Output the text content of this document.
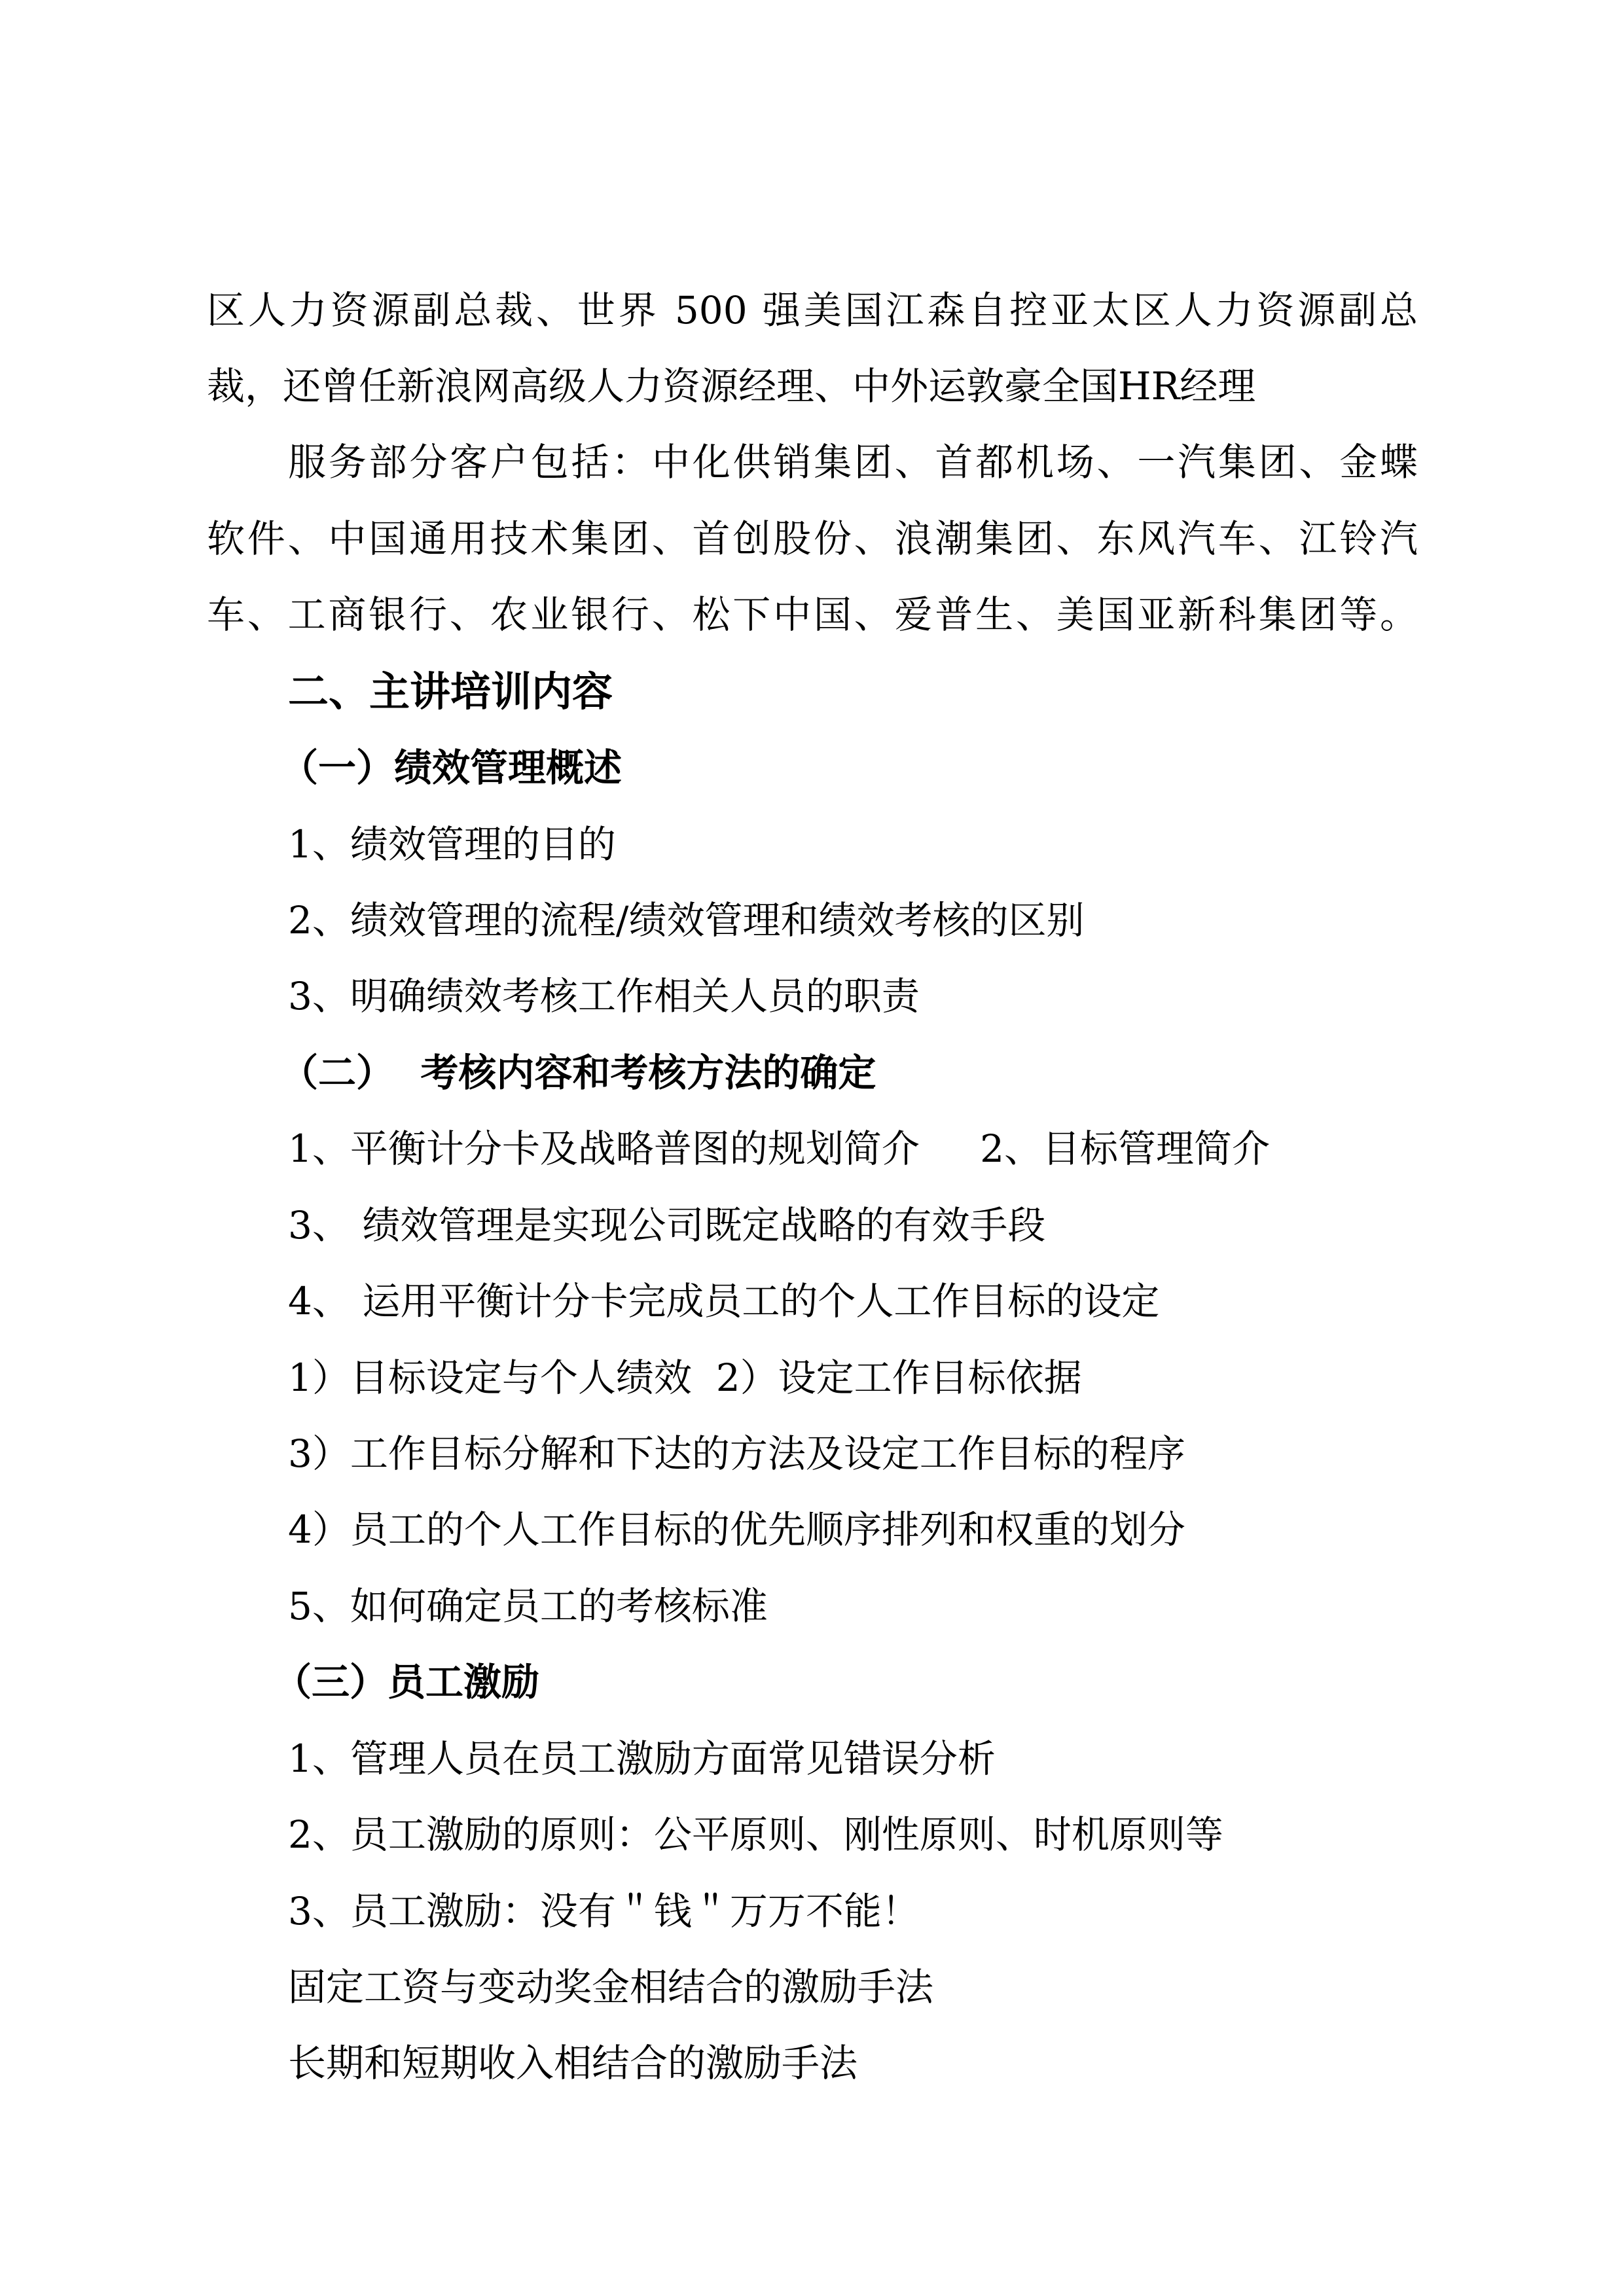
区人力资源副总裁、世界 500 强美国江森自控亚太区人力资源副总

裁，还曾任新浪网高级人力资源经理、中外运敦豪全国HR经理

服务部分客户包括：中化供销集团、首都机场、一汽集团、金蝶

软件、中国通用技术集团、首创股份、浪潮集团、东风汽车、江铃汽

车、工商银行、农业银行、松下中国、爱普生、美国亚新科集团等。

二、主讲培训内容
（一）绩效管理概述

1、绩效管理的目的

2、绩效管理的流程/绩效管理和绩效考核的区别

3、明确绩效考核工作相关人员的职责

（二）  考核内容和考核方法的确定

1、平衡计分卡及战略普图的规划简介     2、目标管理简介

3、 绩效管理是实现公司既定战略的有效手段

4、 运用平衡计分卡完成员工的个人工作目标的设定

1）目标设定与个人绩效  2）设定工作目标依据

3）工作目标分解和下达的方法及设定工作目标的程序

4）员工的个人工作目标的优先顺序排列和权重的划分

5、如何确定员工的考核标准

（三）员工激励

1、管理人员在员工激励方面常见错误分析

2、员工激励的原则：公平原则、刚性原则、时机原则等

3、员工激励：没有＂钱＂万万不能！

固定工资与变动奖金相结合的激励手法

长期和短期收入相结合的激励手法
